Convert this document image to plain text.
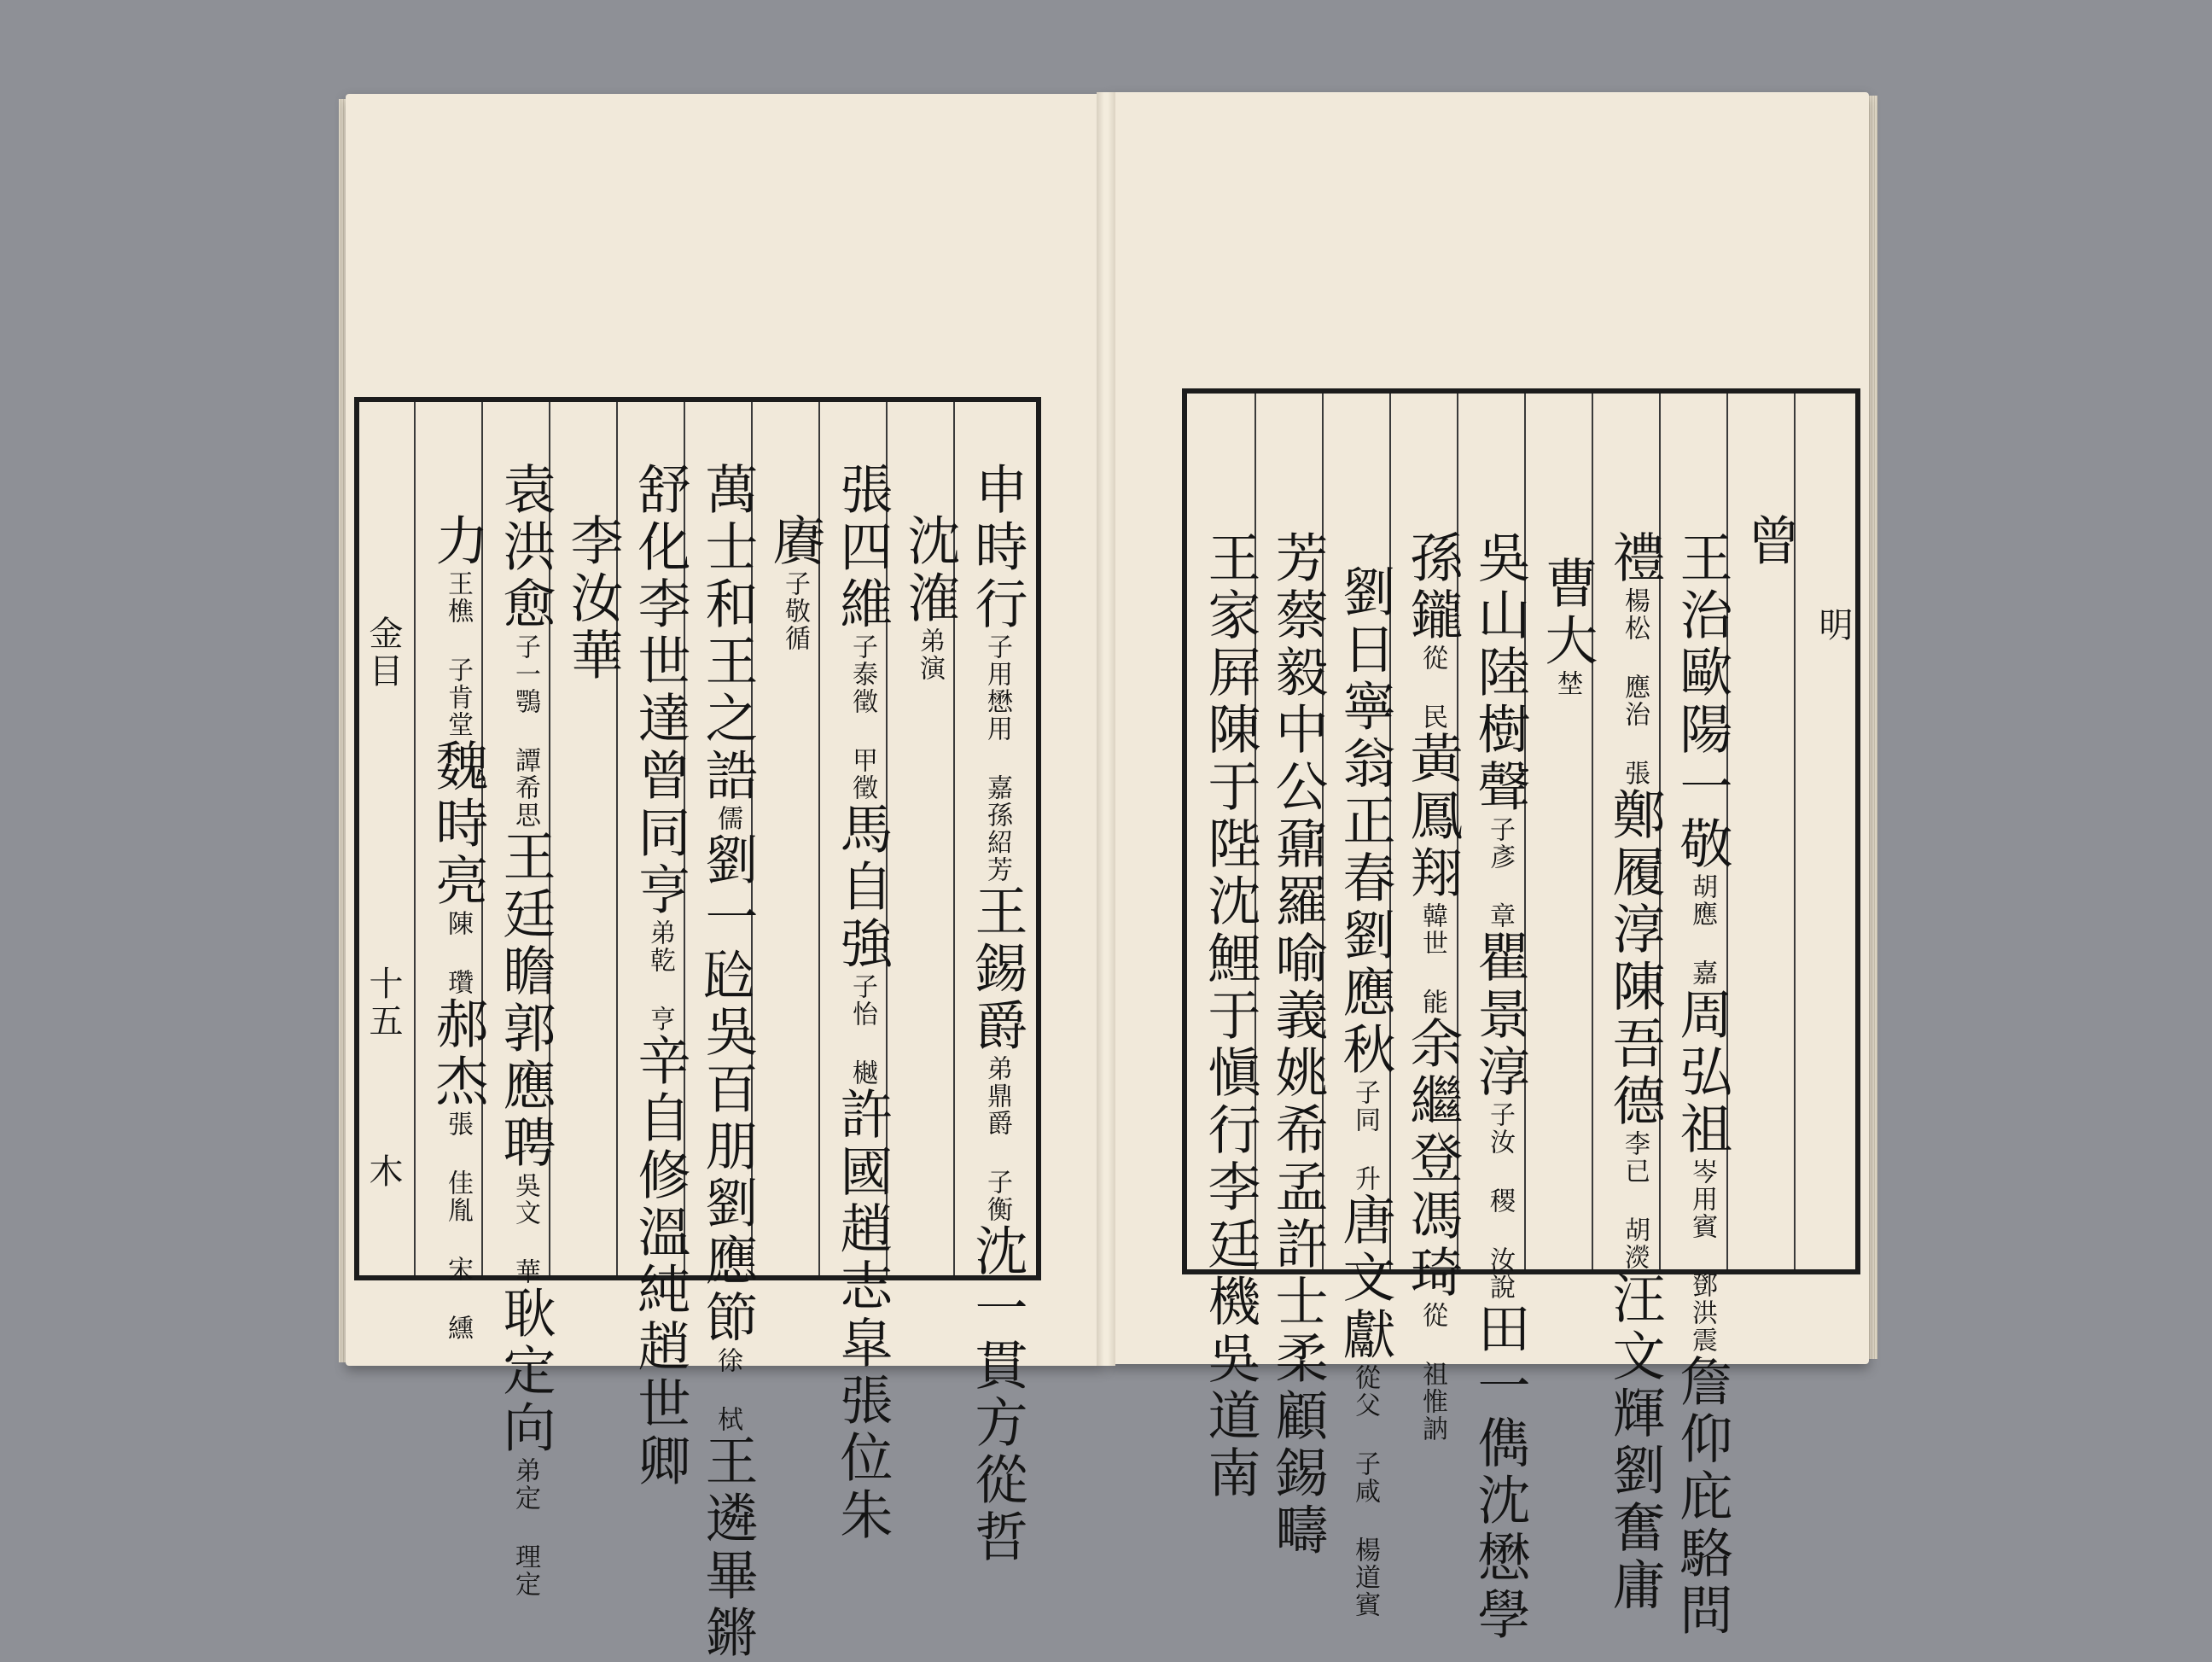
金目
十五
木
申時行子用懋用 嘉孫紹芳王錫爵弟鼎爵 子衡沈一貫方從哲
沈㴶弟演
張四維子泰徵 甲徵馬自強子怡 樾許國趙志皐張位朱
賡子敬循
萬士和王之誥儒劉一𤬯吳百朋劉應節徐 栻王遴畢鏘
舒化李世達曾同亨弟乾 亨辛自修溫純趙世卿
李汝華
袁洪愈子一鶚 譚希思王廷瞻郭應聘吳文 華耿定向弟定 理定
力王樵 子肯堂魏時亮陳 瓚郝杰張 佳胤 宋 纁
明
曾
王治歐陽一敬胡應 嘉周弘祖岑用賓 鄧洪震詹仰庇駱問
禮楊松 應治 張鄭履淳陳吾德李已 胡濙汪文輝劉奮庸
曹大埜
吳山陸樹聲子彥 章瞿景淳子汝 稷 汝說田一儁沈懋學
孫鑨從 民黃鳳翔韓世 能余繼登馮琦從 祖惟訥
劉日寧翁正春劉應秋子同 升唐文獻從父 子咸 楊道賓
芳蔡毅中公鼐羅喻義姚希孟許士柔顧錫疇
王家屛陳于陛沈鯉于愼行李廷機吳道南
